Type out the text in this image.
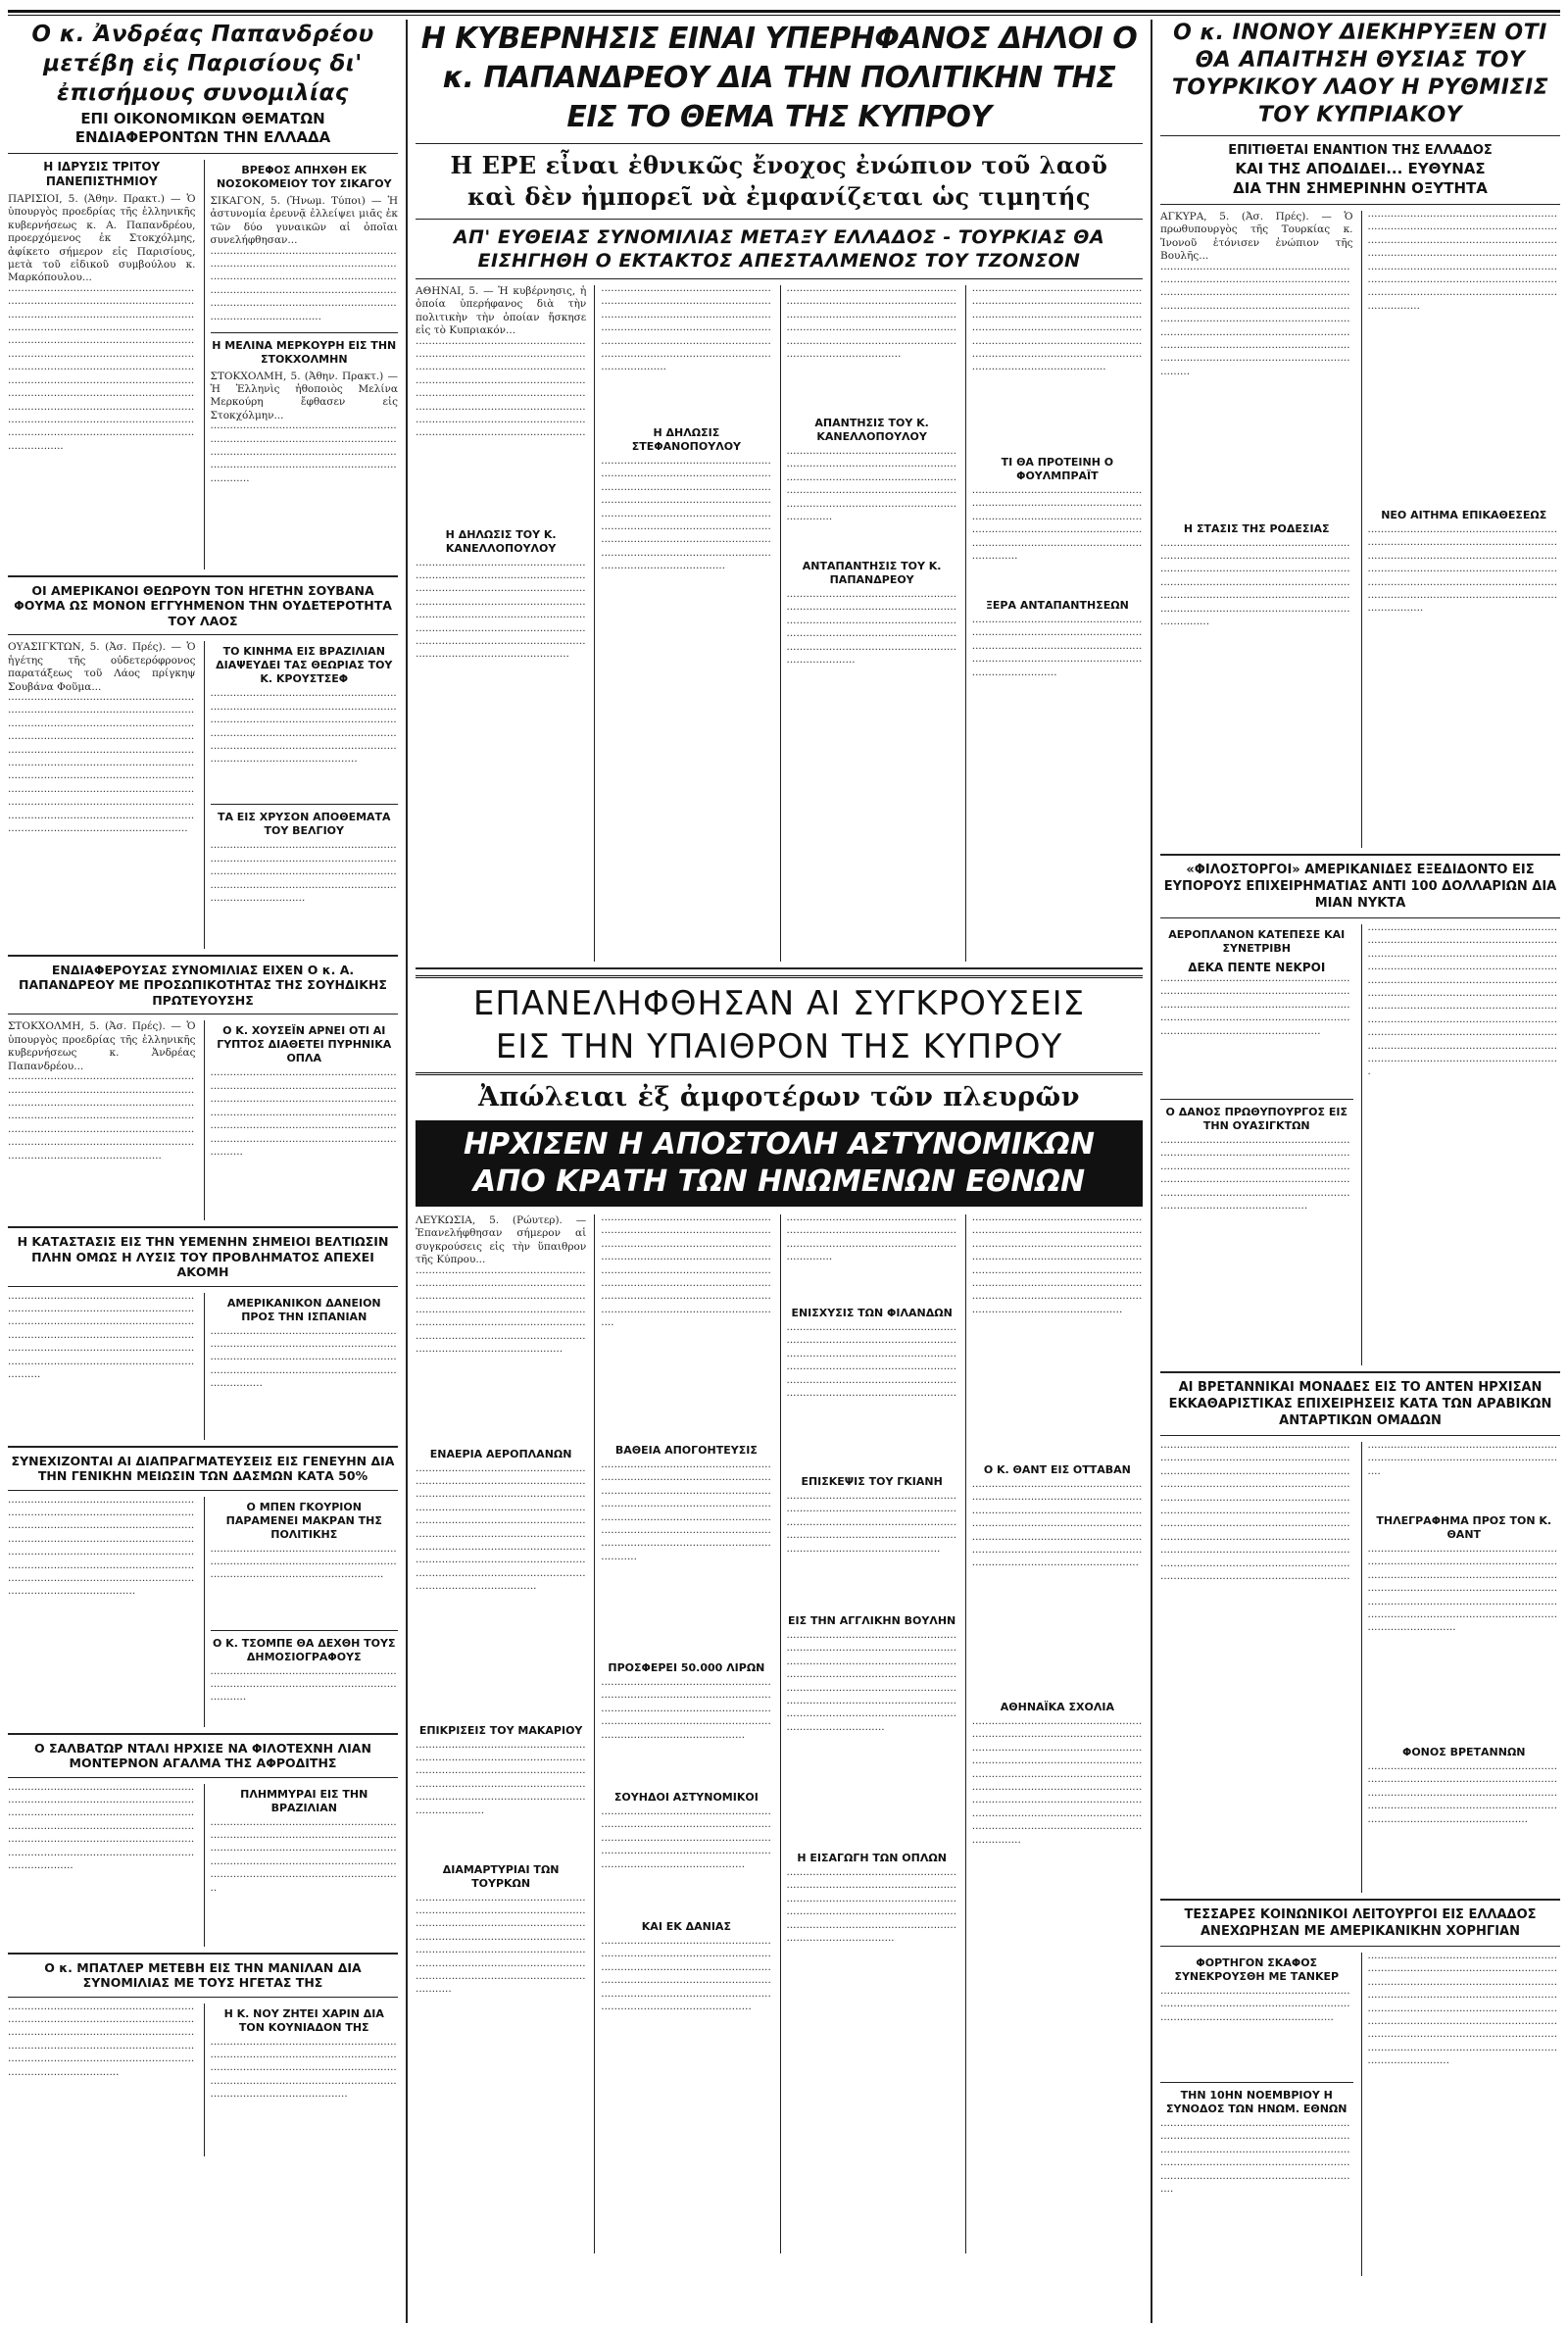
Ο κ. Ἀνδρέας Παπανδρέου μετέβη εἰς Παρισίους δι' ἐπισήμους συνομιλίας
ΕΠΙ ΟΙΚΟΝΟΜΙΚΩΝ ΘΕΜΑΤΩΝ
ΕΝΔΙΑΦΕΡΟΝΤΩΝ ΤΗΝ ΕΛΛΑΔΑ
Η ΙΔΡΥΣΙΣ ΤΡΙΤΟΥ ΠΑΝΕΠΙΣΤΗΜΙΟΥ
ΠΑΡΙΣΙΟΙ, 5. (Ἀθην. Πρακτ.) — Ὁ ὑπουργὸς προεδρίας τῆς ἑλληνικῆς κυβερνήσεως κ. Α. Παπανδρέου, προερχόμενος ἐκ Στοκχόλμης, ἀφίκετο σήμερον εἰς Παρισίους, μετὰ τοῦ εἰδικοῦ συμβούλου κ. Μαρκόπουλου...
·····························································································································································································································································································································································································································································································································································································································································································································
ΒΡΕΦΟΣ ΑΠΗΧΘΗ ΕΚ ΝΟΣΟΚΟΜΕΙΟΥ ΤΟΥ ΣΙΚΑΓΟΥ
ΣΙΚΑΓΟΝ, 5. (Ἡνωμ. Τύποι) — Ἡ ἀστυνομία ἐρευνᾷ ἐλλείψει μιᾶς ἐκ τῶν δύο γυναικῶν αἱ ὁποῖαι συνελήφθησαν...
·······························································································································································································································································································································
Η ΜΕΛΙΝΑ ΜΕΡΚΟΥΡΗ ΕΙΣ ΤΗΝ ΣΤΟΚΧΟΛΜΗΝ
ΣΤΟΚΧΟΛΜΗ, 5. (Ἀθην. Πρακτ.) — Ἡ Ἑλληνὶς ἠθοποιὸς Μελίνα Μερκούρη ἔφθασεν εἰς Στοκχόλμην...
················································································································································································································································
ΟΙ ΑΜΕΡΙΚΑΝΟΙ ΘΕΩΡΟΥΝ ΤΟΝ ΗΓΕΤΗΝ ΣΟΥΒΑΝΑ ΦΟΥΜΑ ΩΣ ΜΟΝΟΝ ΕΓΓΥΗΜΕΝΟΝ ΤΗΝ ΟΥΔΕΤΕΡΟΤΗΤΑ ΤΟΥ ΛΑΟΣ
ΟΥΑΣΙΓΚΤΩΝ, 5. (Ἀσ. Πρές). — Ὁ ἡγέτης τῆς οὐδετερόφρονος παρατάξεως τοῦ Λάος πρίγκηψ Σουβάνα Φοῦμα...
·················································································································································································································································································································································································································································································································································································································································
ΤΟ ΚΙΝΗΜΑ ΕΙΣ ΒΡΑΖΙΛΙΑΝ ΔΙΑΨΕΥΔΕΙ ΤΑΣ ΘΕΩΡΙΑΣ ΤΟΥ Κ. ΚΡΟΥΣΤΣΕΦ
··········································································································································································································································································································································
ΤΑ ΕΙΣ ΧΡΥΣΟΝ ΑΠΟΘΕΜΑΤΑ ΤΟΥ ΒΕΛΓΙΟΥ
·································································································································································································································································
ΕΝΔΙΑΦΕΡΟΥΣΑΣ ΣΥΝΟΜΙΛΙΑΣ ΕΙΧΕΝ Ο κ. Α. ΠΑΠΑΝΔΡΕΟΥ ΜΕ ΠΡΟΣΩΠΙΚΟΤΗΤΑΣ ΤΗΣ ΣΟΥΗΔΙΚΗΣ ΠΡΩΤΕΥΟΥΣΗΣ
ΣΤΟΚΧΟΛΜΗ, 5. (Ἀσ. Πρές). — Ὁ ὑπουργὸς προεδρίας τῆς ἑλληνικῆς κυβερνήσεως κ. Ἀνδρέας Παπανδρέου...
·····································································································································································································································································································································································································
Ο Κ. ΧΟΥΣΕΪΝ ΑΡΝΕΙ ΟΤΙ ΑΙ ΓΥΠΤΟΣ ΔΙΑΘΕΤΕΙ ΠΥΡΗΝΙΚΑ ΟΠΛΑ
································································································································································································································································································································································
Η ΚΑΤΑΣΤΑΣΙΣ ΕΙΣ ΤΗΝ ΥΕΜΕΝΗΝ ΣΗΜΕΙΟΙ ΒΕΛΤΙΩΣΙΝ ΠΛΗΝ ΟΜΩΣ Η ΛΥΣΙΣ ΤΟΥ ΠΡΟΒΛΗΜΑΤΟΣ ΑΠΕΧΕΙ ΑΚΟΜΗ
································································································································································································································································································································································
ΑΜΕΡΙΚΑΝΙΚΟΝ ΔΑΝΕΙΟΝ ΠΡΟΣ ΤΗΝ ΙΣΠΑΝΙΑΝ
····················································································································································································································································
ΣΥΝΕΧΙΖΟΝΤΑΙ ΑΙ ΔΙΑΠΡΑΓΜΑΤΕΥΣΕΙΣ ΕΙΣ ΓΕΝΕΥΗΝ ΔΙΑ ΤΗΝ ΓΕΝΙΚΗΝ ΜΕΙΩΣΙΝ ΤΩΝ ΔΑΣΜΩΝ ΚΑΤΑ 50%
······················································································································································································································································································································································································································································
Ο ΜΠΕΝ ΓΚΟΥΡΙΟΝ ΠΑΡΑΜΕΝΕΙ ΜΑΚΡΑΝ ΤΗΣ ΠΟΛΙΤΙΚΗΣ
·······································································································································································
Ο Κ. ΤΣΟΜΠΕ ΘΑ ΔΕΧΘΗ ΤΟΥΣ ΔΗΜΟΣΙΟΓΡΑΦΟΥΣ
·····························································································································
Ο ΣΑΛΒΑΤΩΡ ΝΤΑΛΙ ΗΡΧΙΣΕ ΝΑ ΦΙΛΟΤΕΧΝΗ ΛΙΑΝ ΜΟΝΤΕΡΝΟΝ ΑΓΑΛΜΑ ΤΗΣ ΑΦΡΟΔΙΤΗΣ
··········································································································································································································································································································································································
ΠΛΗΜΜΥΡΑΙ ΕΙΣ ΤΗΝ ΒΡΑΖΙΛΙΑΝ
·······························································································································································································································································································
Ο κ. ΜΠΑΤΛΕΡ ΜΕΤΕΒΗ ΕΙΣ ΤΗΝ ΜΑΝΙΛΑΝ ΔΙΑ ΣΥΝΟΜΙΛΙΑΣ ΜΕ ΤΟΥΣ ΗΓΕΤΑΣ ΤΗΣ
·······························································································································································································································································································································
Η Κ. ΝΟΥ ΖΗΤΕΙ ΧΑΡΙΝ ΔΙΑ ΤΟΝ ΚΟΥΝΙΑΔΟΝ ΤΗΣ
··············································································································································································································································································
Η ΚΥΒΕΡΝΗΣΙΣ ΕΙΝΑΙ ΥΠΕΡΗΦΑΝΟΣ ΔΗΛΟΙ Ο κ. ΠΑΠΑΝΔΡΕΟΥ ΔΙΑ ΤΗΝ ΠΟΛΙΤΙΚΗΝ ΤΗΣ ΕΙΣ ΤΟ ΘΕΜΑ ΤΗΣ ΚΥΠΡΟΥ
Η ΕΡΕ εἶναι ἐθνικῶς ἔνοχος ἐνώπιον τοῦ λαοῦ
καὶ δὲν ἠμπορεῖ νὰ ἐμφανίζεται ὡς τιμητής
ΑΠ' ΕΥΘΕΙΑΣ ΣΥΝΟΜΙΛΙΑΣ ΜΕΤΑΞΥ ΕΛΛΑΔΟΣ - ΤΟΥΡΚΙΑΣ ΘΑ ΕΙΣΗΓΗΘΗ Ο ΕΚΤΑΚΤΟΣ ΑΠΕΣΤΑΛΜΕΝΟΣ ΤΟΥ ΤΖΟΝΣΟΝ
ΑΘΗΝΑΙ, 5. — Ἡ κυβέρνησις, ἡ ὁποία ὑπερήφανος διὰ τὴν πολιτικὴν τὴν ὁποίαν ἤσκησε εἰς τὸ Κυπριακόν...
································································································································································································································································································································································································································
Η ΔΗΛΩΣΙΣ ΤΟΥ Κ. ΚΑΝΕΛΛΟΠΟΥΛΟΥ
···························································································································································································································································································································································································································
············································································································································································································································································································································
Η ΔΗΛΩΣΙΣ ΣΤΕΦΑΝΟΠΟΥΛΟΥ
······································································································································································································································································································································································································································································
·······································································································································································································································································································
ΑΠΑΝΤΗΣΙΣ ΤΟΥ Κ. ΚΑΝΕΛΛΟΠΟΥΛΟΥ
··················································································································································································································································································
ΑΝΤΑΠΑΝΤΗΣΙΣ ΤΟΥ Κ. ΠΑΠΑΝΔΡΕΟΥ
·························································································································································································································································································
·································································································································································································································································································································································
ΤΙ ΘΑ ΠΡΟΤΕΙΝΗ Ο ΦΟΥΛΜΠΡΑΪΤ
··················································································································································································································································································
ΞΕΡΑ ΑΝΤΑΠΑΝΤΗΣΕΩΝ
··········································································································································································································································
ΕΠΑΝΕΛΗΦΘΗΣΑΝ ΑΙ ΣΥΓΚΡΟΥΣΕΙΣ
ΕΙΣ ΤΗΝ ΥΠΑΙΘΡΟΝ ΤΗΣ ΚΥΠΡΟΥ
Ἀπώλειαι ἐξ ἀμφοτέρων τῶν πλευρῶν
ΗΡΧΙΣΕΝ Η ΑΠΟΣΤΟΛΗ ΑΣΤΥΝΟΜΙΚΩΝ
ΑΠΟ ΚΡΑΤΗ ΤΩΝ ΗΝΩΜΕΝΩΝ ΕΘΝΩΝ
ΛΕΥΚΩΣΙΑ, 5. (Ρώυτερ). — Ἐπανελήφθησαν σήμερον αἱ συγκρούσεις εἰς τὴν ὕπαιθρον τῆς Κύπρου...
·····································································································································································································································································································································································
ΕΝΑΕΡΙΑ ΑΕΡΟΠΛΑΝΩΝ
·························································································································································································································································································································································································································································································································
ΕΠΙΚΡΙΣΕΙΣ ΤΟΥ ΜΑΚΑΡΙΟΥ
·························································································································································································································································································
ΔΙΑΜΑΡΤΥΡΙΑΙ ΤΩΝ ΤΟΥΡΚΩΝ
·······················································································································································································································································································································································································
····································································································································································································································································································································································································································
ΒΑΘΕΙΑ ΑΠΟΓΟΗΤΕΥΣΙΣ
·······················································································································································································································································································································································································
ΠΡΟΣΦΕΡΕΙ 50.000 ΛΙΡΩΝ
····························································································································································································································································
ΣΟΥΗΔΟΙ ΑΣΤΥΝΟΜΙΚΟΙ
····························································································································································································································································
ΚΑΙ ΕΚ ΔΑΝΙΑΣ
··················································································································································································································································································································
··········································································································································································
ΕΝΙΣΧΥΣΙΣ ΤΩΝ ΦΙΛΑΝΔΩΝ
························································································································································································································································································································
ΕΠΙΣΚΕΨΙΣ ΤΟΥ ΓΚΙΑΝΗ
·······························································································································································································································································
ΕΙΣ ΤΗΝ ΑΓΓΛΙΚΗΝ ΒΟΥΛΗΝ
··········································································································································································································································································································································································································
Η ΕΙΣΑΓΩΓΗ ΤΩΝ ΟΠΛΩΝ
·····································································································································································································································································································
··························································································································································································································································································································································································································
Ο Κ. ΘΑΝΤ ΕΙΣ ΟΤΤΑΒΑΝ
···········································································································································································································································································································································································
ΑΘΗΝΑΪΚΑ ΣΧΟΛΙΑ
···································································································································································································································································································································································································································································································
Ο κ. ΙΝΟΝΟΥ ΔΙΕΚΗΡΥΞΕΝ ΟΤΙ ΘΑ ΑΠΑΙΤΗΣΗ ΘΥΣΙΑΣ ΤΟΥ ΤΟΥΡΚΙΚΟΥ ΛΑΟΥ Η ΡΥΘΜΙΣΙΣ ΤΟΥ ΚΥΠΡΙΑΚΟΥ
ΕΠΙΤΙΘΕΤΑΙ ΕΝΑΝΤΙΟΝ ΤΗΣ ΕΛΛΑΔΟΣ
ΚΑΙ ΤΗΣ ΑΠΟΔΙΔΕΙ... ΕΥΘΥΝΑΣ
ΔΙΑ ΤΗΝ ΣΗΜΕΡΙΝΗΝ ΟΞΥΤΗΤΑ
ΑΓΚΥΡΑ, 5. (Ἀσ. Πρές). — Ὁ πρωθυπουργὸς τῆς Τουρκίας κ. Ἰνονοῦ ἐτόνισεν ἐνώπιον τῆς Βουλῆς...
·························································································································································································································································································································································································································································································
Η ΣΤΑΣΙΣ ΤΗΣ ΡΟΔΕΣΙΑΣ
···········································································································································································································································································································································································
······································································································································································································································································································································································································································
ΝΕΟ ΑΙΤΗΜΑ ΕΠΙΚΑΘΕΣΕΩΣ
·············································································································································································································································································································································································
«ΦΙΛΟΣΤΟΡΓΟΙ» ΑΜΕΡΙΚΑΝΙΔΕΣ ΕΞΕΔΙΔΟΝΤΟ ΕΙΣ ΕΥΠΟΡΟΥΣ ΕΠΙΧΕΙΡΗΜΑΤΙΑΣ ΑΝΤΙ 100 ΔΟΛΛΑΡΙΩΝ ΔΙΑ ΜΙΑΝ ΝΥΚΤΑ
ΑΕΡΟΠΛΑΝΟΝ ΚΑΤΕΠΕΣΕ ΚΑΙ ΣΥΝΕΤΡΙΒΗ
ΔΕΚΑ ΠΕΝΤΕ ΝΕΚΡΟΙ
·························································································································································································································································································
Ο ΔΑΝΟΣ ΠΡΩΘΥΠΟΥΡΓΟΣ ΕΙΣ ΤΗΝ ΟΥΑΣΙΓΚΤΩΝ
···············································································································································································································································································································································
·······························································································································································································································································································································································································································································································································································································································································
ΑΙ ΒΡΕΤΑΝΝΙΚΑΙ ΜΟΝΑΔΕΣ ΕΙΣ ΤΟ ΑΝΤΕΝ ΗΡΧΙΣΑΝ ΕΚΚΑΘΑΡΙΣΤΙΚΑΣ ΕΠΙΧΕΙΡΗΣΕΙΣ ΚΑΤΑ ΤΩΝ ΑΡΑΒΙΚΩΝ ΑΝΤΑΡΤΙΚΩΝ ΟΜΑΔΩΝ
······························································································································································································································································································································································································································································································································································································································································
························································································································
ΤΗΛΕΓΡΑΦΗΜΑ ΠΡΟΣ ΤΟΝ Κ. ΘΑΝΤ
·······················································································································································································································································································································································································
ΦΟΝΟΣ ΒΡΕΤΑΝΝΩΝ
·························································································································································································································································································
ΤΕΣΣΑΡΕΣ ΚΟΙΝΩΝΙΚΟΙ ΛΕΙΤΟΥΡΓΟΙ ΕΙΣ ΕΛΛΑΔΟΣ ΑΝΕΧΩΡΗΣΑΝ ΜΕ ΑΜΕΡΙΚΑΝΙΚΗΝ ΧΟΡΗΓΙΑΝ
ΦΟΡΤΗΓΟΝ ΣΚΑΦΟΣ ΣΥΝΕΚΡΟΥΣΘΗ ΜΕ ΤΑΝΚΕΡ
·········································································································································································
ΤΗΝ 10ΗΝ ΝΟΕΜΒΡΙΟΥ Η ΣΥΝΟΔΟΣ ΤΩΝ ΗΝΩΜ. ΕΘΝΩΝ
······································································································································································································································································································
·········································································································································································································································································································································································································································································································
